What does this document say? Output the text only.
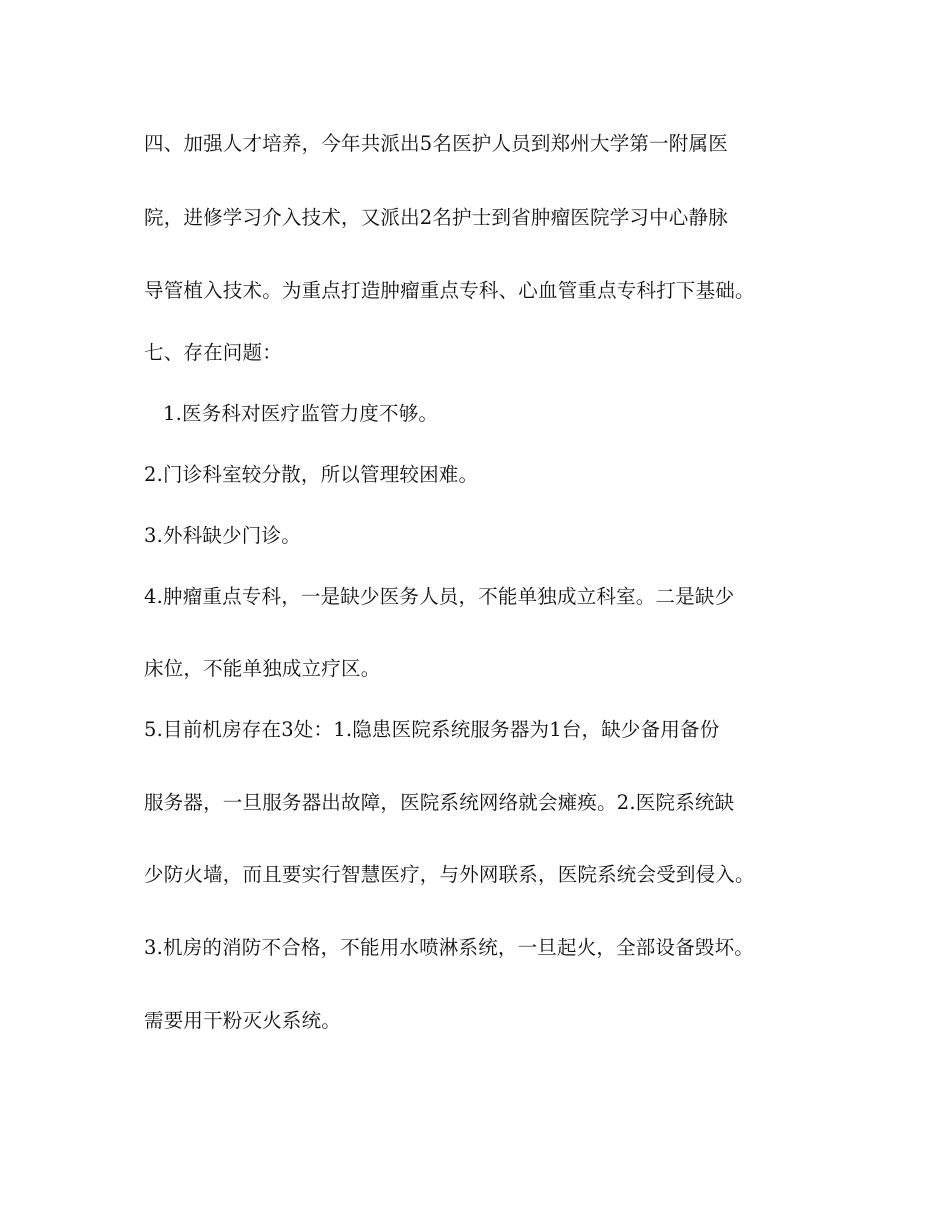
四、加强人才培养，今年共派出5名医护人员到郑州大学第一附属医
院，进修学习介入技术，又派出2名护士到省肿瘤医院学习中心静脉
导管植入技术。为重点打造肿瘤重点专科、心血管重点专科打下基础。
七、存在问题：
1.医务科对医疗监管力度不够。
2.门诊科室较分散，所以管理较困难。
3.外科缺少门诊。
4.肿瘤重点专科，一是缺少医务人员，不能单独成立科室。二是缺少
床位，不能单独成立疗区。
5.目前机房存在3处：1.隐患医院系统服务器为1台，缺少备用备份
服务器，一旦服务器出故障，医院系统网络就会瘫痪。2.医院系统缺
少防火墙，而且要实行智慧医疗，与外网联系，医院系统会受到侵入。
3.机房的消防不合格，不能用水喷淋系统，一旦起火，全部设备毁坏。
需要用干粉灭火系统。
